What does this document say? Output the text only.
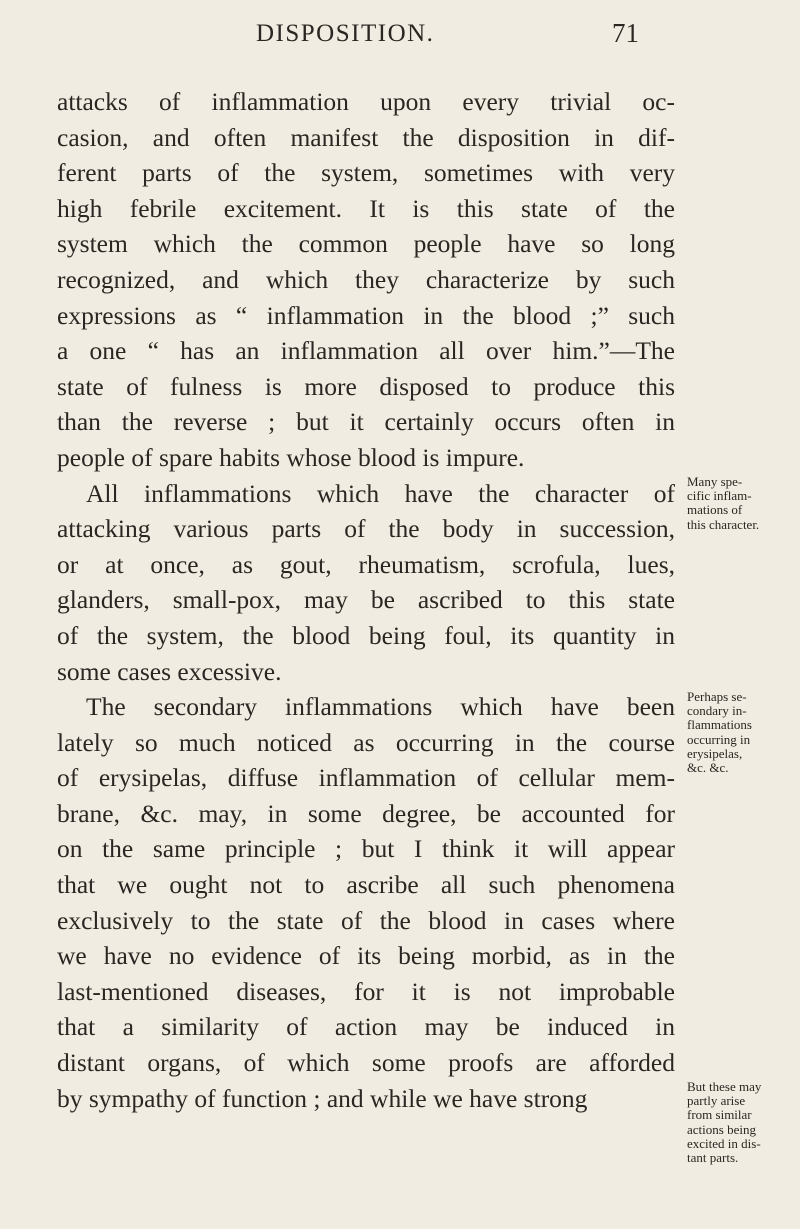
DISPOSITION.	71
attacks of inflammation upon every trivial oc-
casion, and often manifest the disposition in dif-
ferent parts of the system, sometimes with very
high febrile excitement. It is this state of the
system which the common people have so long
recognized, and which they characterize by such
expressions as “ inflammation in the blood ;” such
a one “ has an inflammation all over him.”—The
state of fulness is more disposed to produce this
than the reverse ; but it certainly occurs often in
people of spare habits whose blood is impure.
All inflammations which have the character of
attacking various parts of the body in succession,
or at once, as gout, rheumatism, scrofula, lues,
glanders, small-pox, may be ascribed to this state
of the system, the blood being foul, its quantity in
some cases excessive.
The secondary inflammations which have been
lately so much noticed as occurring in the course
of erysipelas, diffuse inflammation of cellular mem-
brane, &c. may, in some degree, be accounted for
on the same principle ; but I think it will appear
that we ought not to ascribe all such phenomena
exclusively to the state of the blood in cases where
we have no evidence of its being morbid, as in the
last-mentioned diseases, for it is not improbable
that a similarity of action may be induced in
distant organs, of which some proofs are afforded
by sympathy of function ; and while we have strong
Many spe-
cific inflam-
mations of
this character.
Perhaps se-
condary in-
flammations
occurring in
erysipelas,
&c. &c.
But these may
partly arise
from similar
actions being
excited in dis-
tant parts.
